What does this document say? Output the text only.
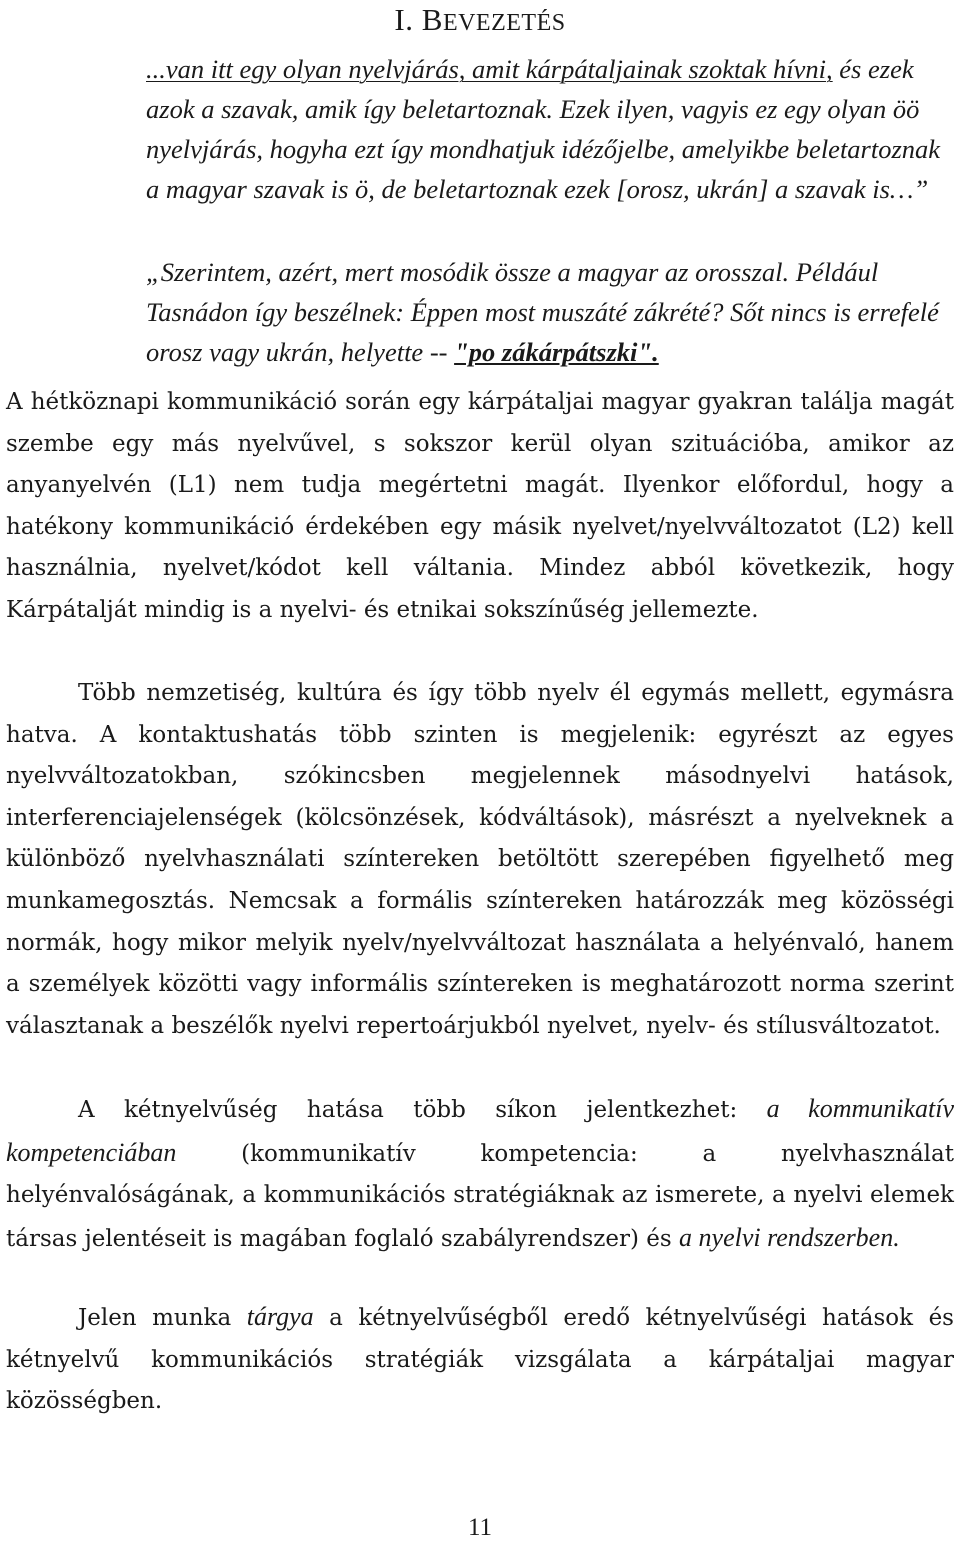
I. BEVEZETÉS

...van itt egy olyan nyelvjárás, amit kárpátaljainak szoktak hívni, és ezek azok a szavak, amik így beletartoznak. Ezek ilyen, vagyis ez egy olyan öö nyelvjárás, hogyha ezt így mondhatjuk idézőjelbe, amelyikbe beletartoznak a magyar szavak is ö, de beletartoznak ezek [orosz, ukrán] a szavak is…”

„Szerintem, azért, mert mosódik össze a magyar az orosszal. Például Tasnádon így beszélnek: Éppen most muszáté zákrété? Sőt nincs is errefelé orosz vagy ukrán, helyette -- "po zákárpátszki".

A hétköznapi kommunikáció során egy kárpátaljai magyar gyakran találja magát szembe egy más nyelvűvel, s sokszor kerül olyan szituációba, amikor az anyanyelvén (L1) nem tudja megértetni magát. Ilyenkor előfordul, hogy a hatékony kommunikáció érdekében egy másik nyelvet/nyelvváltozatot (L2) kell használnia, nyelvet/kódot kell váltania. Mindez abból következik, hogy Kárpátalját mindig is a nyelvi- és etnikai sokszínűség jellemezte.

Több nemzetiség, kultúra és így több nyelv él egymás mellett, egymásra hatva. A kontaktushatás több szinten is megjelenik: egyrészt az egyes nyelvváltozatokban, szókincsben megjelennek másodnyelvi hatások, interferenciajelenségek (kölcsönzések, kódváltások), másrészt a nyelveknek a különböző nyelvhasználati színtereken betöltött szerepében figyelhető meg munkamegosztás. Nemcsak a formális színtereken határozzák meg közösségi normák, hogy mikor melyik nyelv/nyelvváltozat használata a helyénvaló, hanem a személyek közötti vagy informális színtereken is meghatározott norma szerint választanak a beszélők nyelvi repertoárjukból nyelvet, nyelv- és stílusváltozatot.

A kétnyelvűség hatása több síkon jelentkezhet: a kommunikatív kompetenciában (kommunikatív kompetencia: a nyelvhasználat helyénvalóságának, a kommunikációs stratégiáknak az ismerete, a nyelvi elemek társas jelentéseit is magában foglaló szabályrendszer) és a nyelvi rendszerben.

Jelen munka tárgya a kétnyelvűségből eredő kétnyelvűségi hatások és kétnyelvű kommunikációs stratégiák vizsgálata a kárpátaljai magyar közösségben.

11
